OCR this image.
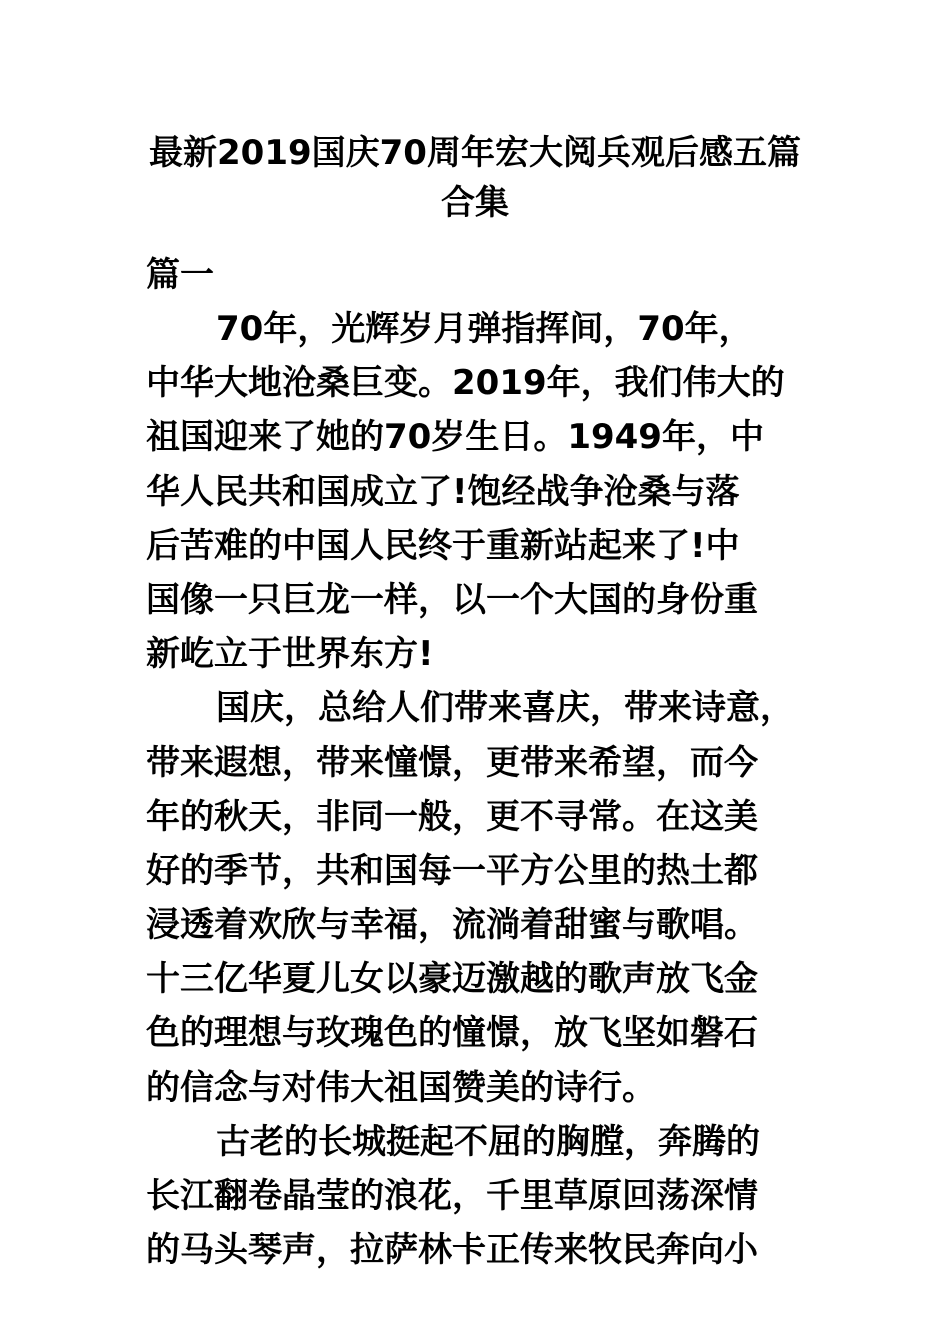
最新2019国庆70周年宏大阅兵观后感五篇
合集
篇一
70年，光辉岁月弹指挥间，70年，
中华大地沧桑巨变。2019年，我们伟大的
祖国迎来了她的70岁生日。1949年，中
华人民共和国成立了!饱经战争沧桑与落
后苦难的中国人民终于重新站起来了!中
国像一只巨龙一样，以一个大国的身份重
新屹立于世界东方!
国庆，总给人们带来喜庆，带来诗意，
带来遐想，带来憧憬，更带来希望，而今
年的秋天，非同一般，更不寻常。在这美
好的季节，共和国每一平方公里的热土都
浸透着欢欣与幸福，流淌着甜蜜与歌唱。
十三亿华夏儿女以豪迈激越的歌声放飞金
色的理想与玫瑰色的憧憬，放飞坚如磐石
的信念与对伟大祖国赞美的诗行。
古老的长城挺起不屈的胸膛，奔腾的
长江翻卷晶莹的浪花，千里草原回荡深情
的马头琴声，拉萨林卡正传来牧民奔向小
